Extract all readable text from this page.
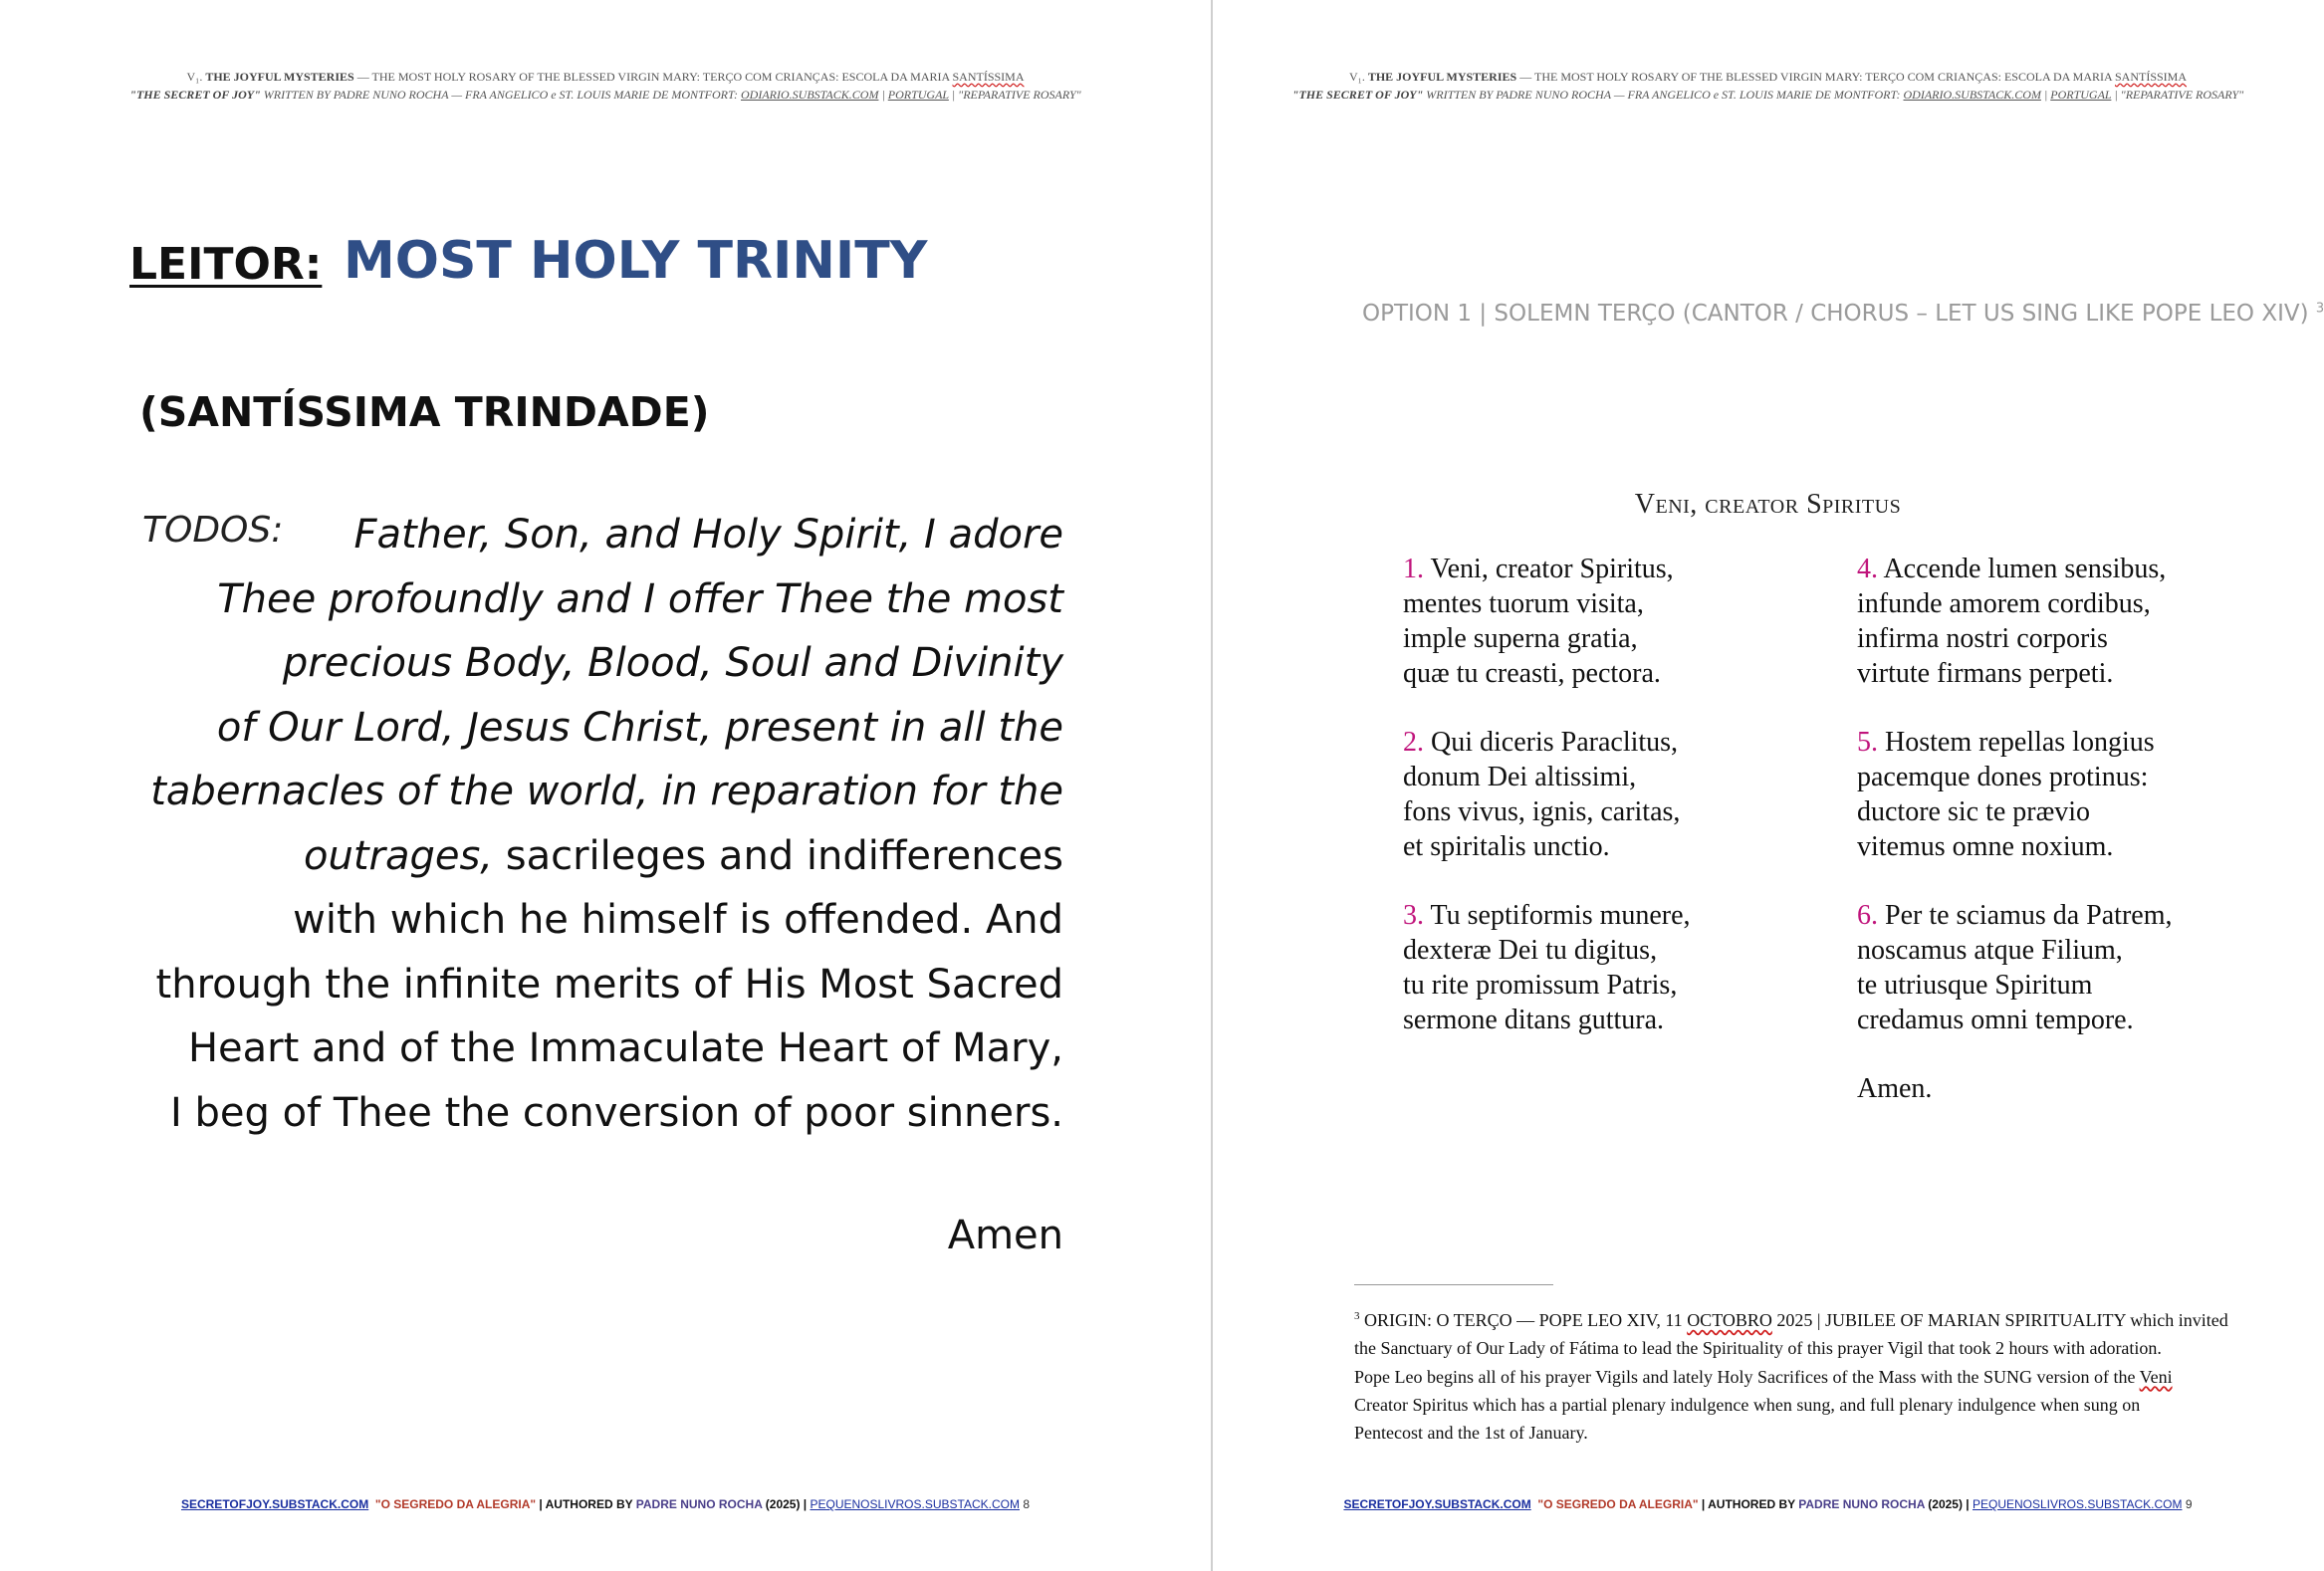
V₁. THE JOYFUL MYSTERIES — THE MOST HOLY ROSARY OF THE BLESSED VIRGIN MARY: TERÇO COM CRIANÇAS: ESCOLA DA MARIA SANTÍSSIMA
"THE SECRET OF JOY" WRITTEN BY PADRE NUNO ROCHA — FRA ANGELICO e ST. LOUIS MARIE DE MONTFORT: ODIARIO.SUBSTACK.COM | PORTUGAL | "REPARATIVE ROSARY"
LEITOR: MOST HOLY TRINITY
(SANTÍSSIMA TRINDADE)
TODOS:	Father, Son, and Holy Spirit, I adore
Thee profoundly and I offer Thee the most
precious Body, Blood, Soul and Divinity
of Our Lord, Jesus Christ, present in all the
tabernacles of the world, in reparation for the
outrages, sacrileges and indifferences
with which he himself is offended. And
through the infinite merits of His Most Sacred
Heart and of the Immaculate Heart of Mary,
I beg of Thee the conversion of poor sinners.
Amen
SECRETOFJOY.SUBSTACK.COM "O SEGREDO DA ALEGRIA" | AUTHORED BY PADRE NUNO ROCHA (2025) | PEQUENOSLIVROS.SUBSTACK.COM 8
V₁. THE JOYFUL MYSTERIES — THE MOST HOLY ROSARY OF THE BLESSED VIRGIN MARY: TERÇO COM CRIANÇAS: ESCOLA DA MARIA SANTÍSSIMA
"THE SECRET OF JOY" WRITTEN BY PADRE NUNO ROCHA — FRA ANGELICO e ST. LOUIS MARIE DE MONTFORT: ODIARIO.SUBSTACK.COM | PORTUGAL | "REPARATIVE ROSARY"
OPTION 1 | SOLEMN TERÇO (CANTOR / CHORUS – LET US SING LIKE POPE LEO XIV) $^3$
Veni, creator Spiritus
1. Veni, creator Spiritus,
mentes tuorum visita,
imple superna gratia,
quæ tu creasti, pectora.
2. Qui diceris Paraclitus,
donum Dei altissimi,
fons vivus, ignis, caritas,
et spiritalis unctio.
3. Tu septiformis munere,
dexteræ Dei tu digitus,
tu rite promissum Patris,
sermone ditans guttura.
4. Accende lumen sensibus,
infunde amorem cordibus,
infirma nostri corporis
virtute firmans perpeti.
5. Hostem repellas longius
pacemque dones protinus:
ductore sic te prævio
vitemus omne noxium.
6. Per te sciamus da Patrem,
noscamus atque Filium,
te utriusque Spiritum
credamus omni tempore.
Amen.
$^3$ ORIGIN: O TERÇO — POPE LEO XIV, 11 OCTOBRO 2025 | JUBILEE OF MARIAN SPIRITUALITY which invited
the Sanctuary of Our Lady of Fátima to lead the Spirituality of this prayer Vigil that took 2 hours with adoration.
Pope Leo begins all of his prayer Vigils and lately Holy Sacrifices of the Mass with the SUNG version of the Veni
Creator Spiritus which has a partial plenary indulgence when sung, and full plenary indulgence when sung on
Pentecost and the 1st of January.
SECRETOFJOY.SUBSTACK.COM "O SEGREDO DA ALEGRIA" | AUTHORED BY PADRE NUNO ROCHA (2025) | PEQUENOSLIVROS.SUBSTACK.COM 9
